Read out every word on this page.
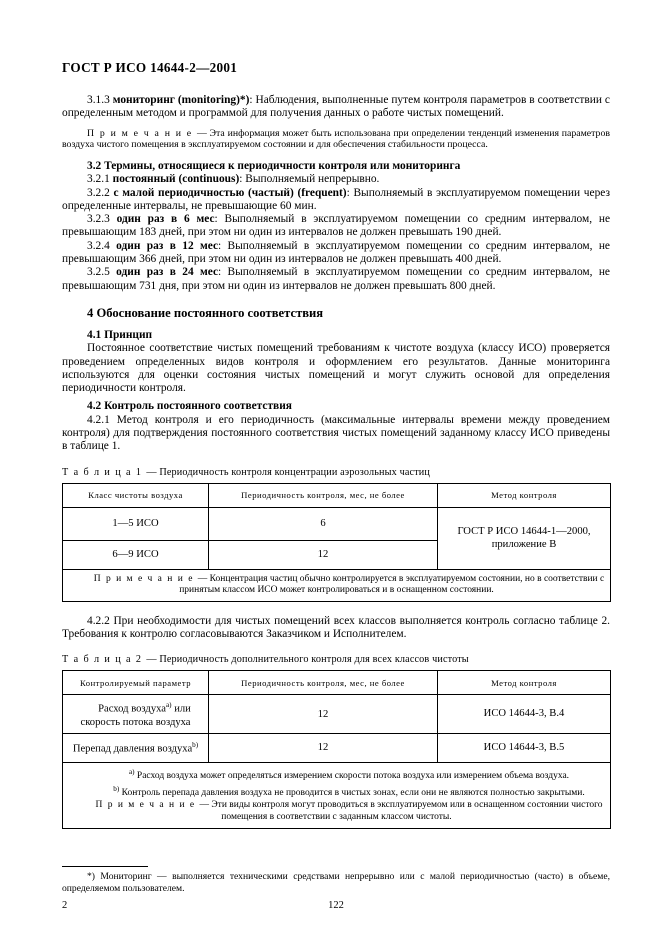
ГОСТ Р ИСО 14644-2—2001

3.1.3 мониторинг (monitoring)*): Наблюдения, выполненные путем контроля параметров в соответствии с определенным методом и программой для получения данных о работе чистых помещений.

П р и м е ч а н и е — Эта информация может быть использована при определении тенденций изменения параметров воздуха чистого помещения в эксплуатируемом состоянии и для обеспечения стабильности процесса.

3.2 Термины, относящиеся к периодичности контроля или мониторинга

3.2.1 постоянный (continuous): Выполняемый непрерывно.

3.2.2 с малой периодичностью (частый) (frequent): Выполняемый в эксплуатируемом помещении через определенные интервалы, не превышающие 60 мин.

3.2.3 один раз в 6 мес: Выполняемый в эксплуатируемом помещении со средним интервалом, не превышающим 183 дней, при этом ни один из интервалов не должен превышать 190 дней.

3.2.4 один раз в 12 мес: Выполняемый в эксплуатируемом помещении со средним интервалом, не превышающим 366 дней, при этом ни один из интервалов не должен превышать 400 дней.

3.2.5 один раз в 24 мес: Выполняемый в эксплуатируемом помещении со средним интервалом, не превышающим 731 дня, при этом ни один из интервалов не должен превышать 800 дней.

4 Обоснование постоянного соответствия
4.1 Принцип

Постоянное соответствие чистых помещений требованиям к чистоте воздуха (классу ИСО) проверяется проведением определенных видов контроля и оформлением его результатов. Данные мониторинга используются для оценки состояния чистых помещений и могут служить основой для определения периодичности контроля.

4.2 Контроль постоянного соответствия

4.2.1 Метод контроля и его периодичность (максимальные интервалы времени между проведением контроля) для подтверждения постоянного соответствия чистых помещений заданному классу ИСО приведены в таблице 1.

Т а б л и ц а 1 — Периодичность контроля концентрации аэрозольных частиц
Класс чистоты воздуха	Периодичность контроля, мес, не более	Метод контроля
1—5 ИСО	6	ГОСТ Р ИСО 14644-1—2000, приложение В
6—9 ИСО	12	
П р и м е ч а н и е — Концентрация частиц обычно контролируется в эксплуатируемом состоянии, но в соответствии с принятым классом ИСО может контролироваться и в оснащенном состоянии.		

4.2.2 При необходимости для чистых помещений всех классов выполняется контроль согласно таблице 2. Требования к контролю согласовываются Заказчиком и Исполнителем.

Т а б л и ц а 2 — Периодичность дополнительного контроля для всех классов чистоты
Контролируемый параметр	Периодичность контроля, мес, не более	Метод контроля
Расход воздуха$^{a)}$ или скорость потока воздуха	12	ИСО 14644-3, В.4
Перепад давления воздуха$^{b)}$	12	ИСО 14644-3, В.5

$^{a)}$ Расход воздуха может определяться измерением скорости потока воздуха или измерением объема воздуха.
$^{b)}$ Контроль перепада давления воздуха не проводится в чистых зонах, если они не являются полностью закрытыми.
П р и м е ч а н и е — Эти виды контроля могут проводиться в эксплуатируемом или в оснащенном состоянии чистого помещения в соответствии с заданным классом чистоты.		

*) Мониторинг — выполняется техническими средствами непрерывно или с малой периодичностью (часто) в объеме, определяемом пользователем.

2	122
